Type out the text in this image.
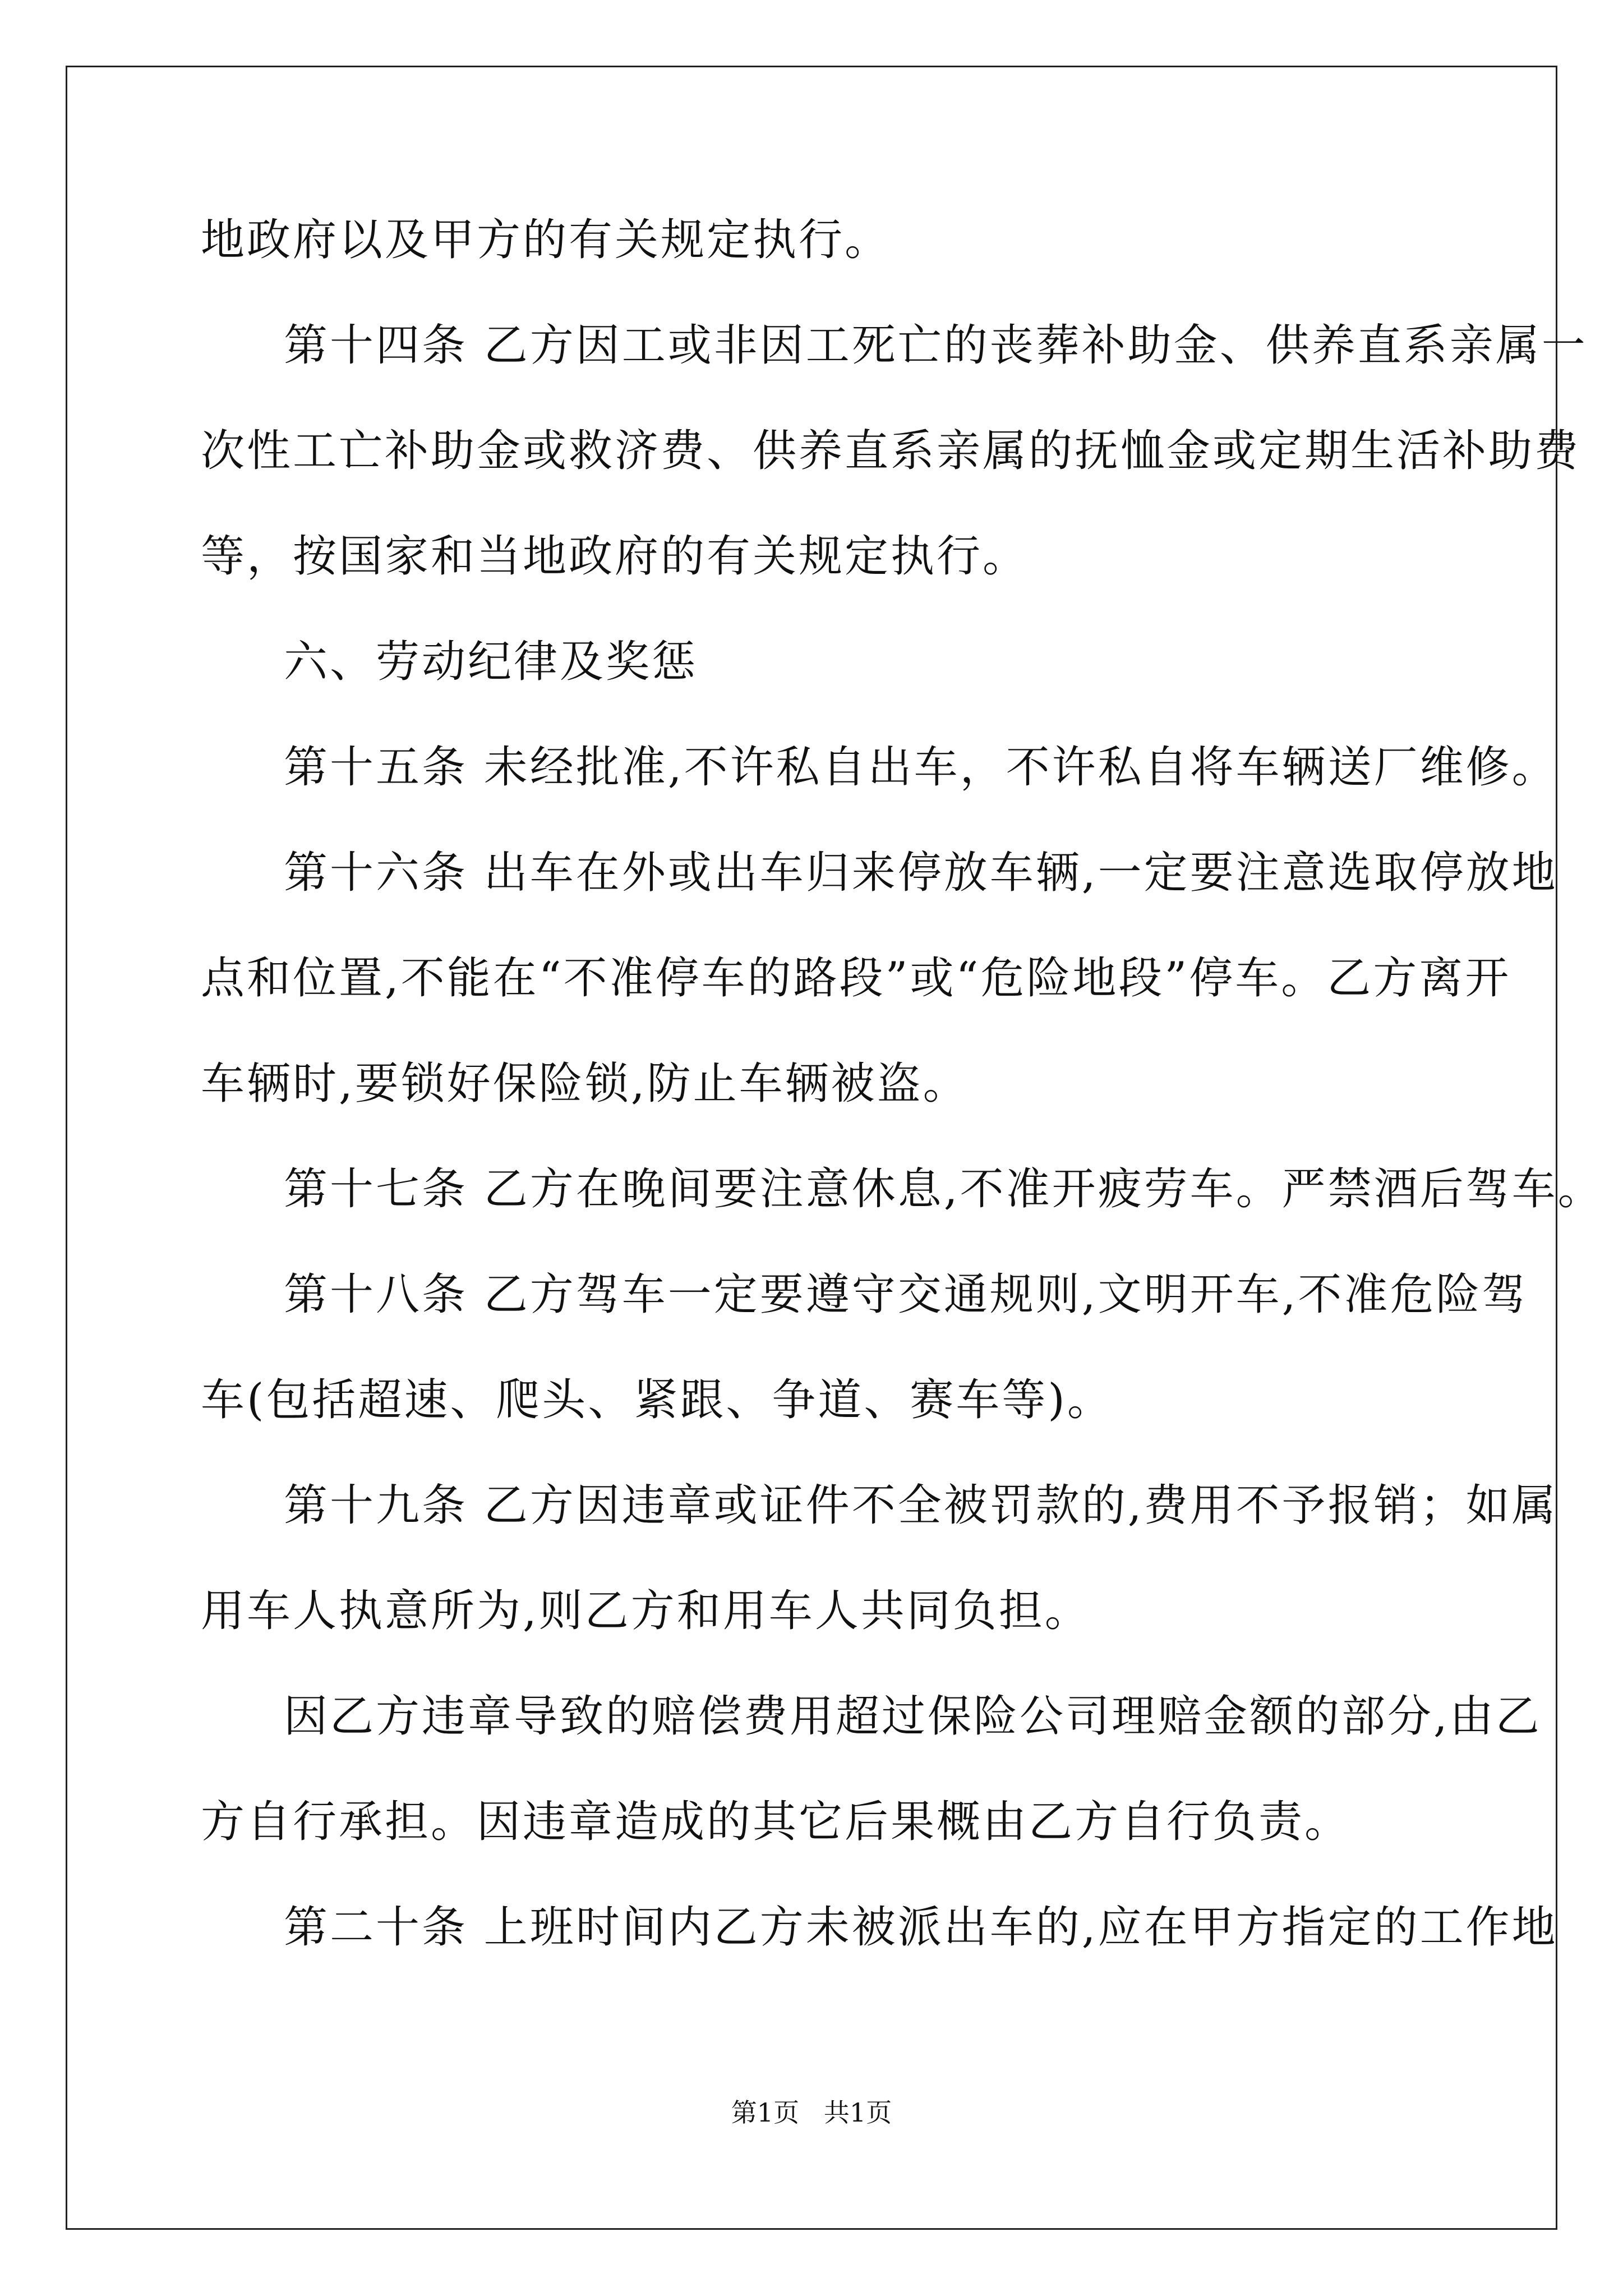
地政府以及甲方的有关规定执行。
第十四条 乙方因工或非因工死亡的丧葬补助金、供养直系亲属一
次性工亡补助金或救济费、供养直系亲属的抚恤金或定期生活补助费
等，按国家和当地政府的有关规定执行。
六、劳动纪律及奖惩
第十五条 未经批准,不许私自出车，不许私自将车辆送厂维修。
第十六条 出车在外或出车归来停放车辆,一定要注意选取停放地
点和位置,不能在“不准停车的路段”或“危险地段”停车。乙方离开
车辆时,要锁好保险锁,防止车辆被盗。
第十七条 乙方在晚间要注意休息,不准开疲劳车。严禁酒后驾车。
第十八条 乙方驾车一定要遵守交通规则,文明开车,不准危险驾
车(包括超速、爬头、紧跟、争道、赛车等)。
第十九条 乙方因违章或证件不全被罚款的,费用不予报销；如属
用车人执意所为,则乙方和用车人共同负担。
因乙方违章导致的赔偿费用超过保险公司理赔金额的部分,由乙
方自行承担。因违章造成的其它后果概由乙方自行负责。
第二十条 上班时间内乙方未被派出车的,应在甲方指定的工作地
第1页   共1页
